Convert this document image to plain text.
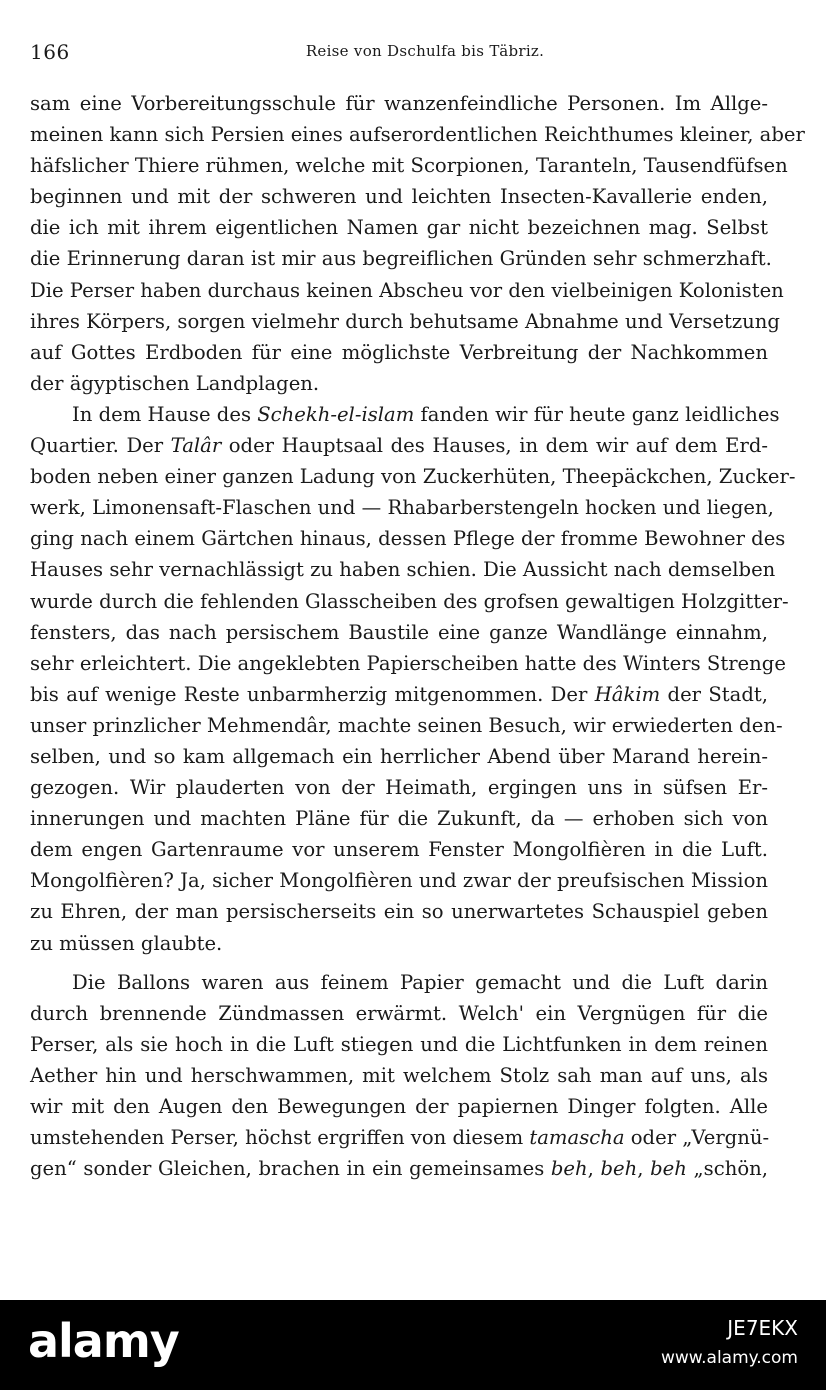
166	Reise von Dschulfa bis Täbriz.
sam eine Vorbereitungsschule für wanzenfeindliche Personen. Im Allge-
meinen kann sich Persien eines aufserordentlichen Reichthumes kleiner, aber
häfslicher Thiere rühmen, welche mit Scorpionen, Taranteln, Tausendfüfsen
beginnen und mit der schweren und leichten Insecten-Kavallerie enden,
die ich mit ihrem eigentlichen Namen gar nicht bezeichnen mag. Selbst
die Erinnerung daran ist mir aus begreiflichen Gründen sehr schmerzhaft.
Die Perser haben durchaus keinen Abscheu vor den vielbeinigen Kolonisten
ihres Körpers, sorgen vielmehr durch behutsame Abnahme und Versetzung
auf Gottes Erdboden für eine möglichste Verbreitung der Nachkommen
der ägyptischen Landplagen.
In dem Hause des Schekh-el-islam fanden wir für heute ganz leidliches
Quartier. Der Talâr oder Hauptsaal des Hauses, in dem wir auf dem Erd-
boden neben einer ganzen Ladung von Zuckerhüten, Theepäckchen, Zucker-
werk, Limonensaft-Flaschen und — Rhabarberstengeln hocken und liegen,
ging nach einem Gärtchen hinaus, dessen Pflege der fromme Bewohner des
Hauses sehr vernachlässigt zu haben schien. Die Aussicht nach demselben
wurde durch die fehlenden Glasscheiben des grofsen gewaltigen Holzgitter-
fensters, das nach persischem Baustile eine ganze Wandlänge einnahm,
sehr erleichtert. Die angeklebten Papierscheiben hatte des Winters Strenge
bis auf wenige Reste unbarmherzig mitgenommen. Der Hâkim der Stadt,
unser prinzlicher Mehmendâr, machte seinen Besuch, wir erwiederten den-
selben, und so kam allgemach ein herrlicher Abend über Marand herein-
gezogen. Wir plauderten von der Heimath, ergingen uns in süfsen Er-
innerungen und machten Pläne für die Zukunft, da — erhoben sich von
dem engen Gartenraume vor unserem Fenster Mongolfièren in die Luft.
Mongolfièren? Ja, sicher Mongolfièren und zwar der preufsischen Mission
zu Ehren, der man persischerseits ein so unerwartetes Schauspiel geben
zu müssen glaubte.
Die Ballons waren aus feinem Papier gemacht und die Luft darin
durch brennende Zündmassen erwärmt. Welch' ein Vergnügen für die
Perser, als sie hoch in die Luft stiegen und die Lichtfunken in dem reinen
Aether hin und herschwammen, mit welchem Stolz sah man auf uns, als
wir mit den Augen den Bewegungen der papiernen Dinger folgten. Alle
umstehenden Perser, höchst ergriffen von diesem tamascha oder „Vergnü-
gen“ sonder Gleichen, brachen in ein gemeinsames beh, beh, beh „schön,
alamy	JE7EKX
www.alamy.com
